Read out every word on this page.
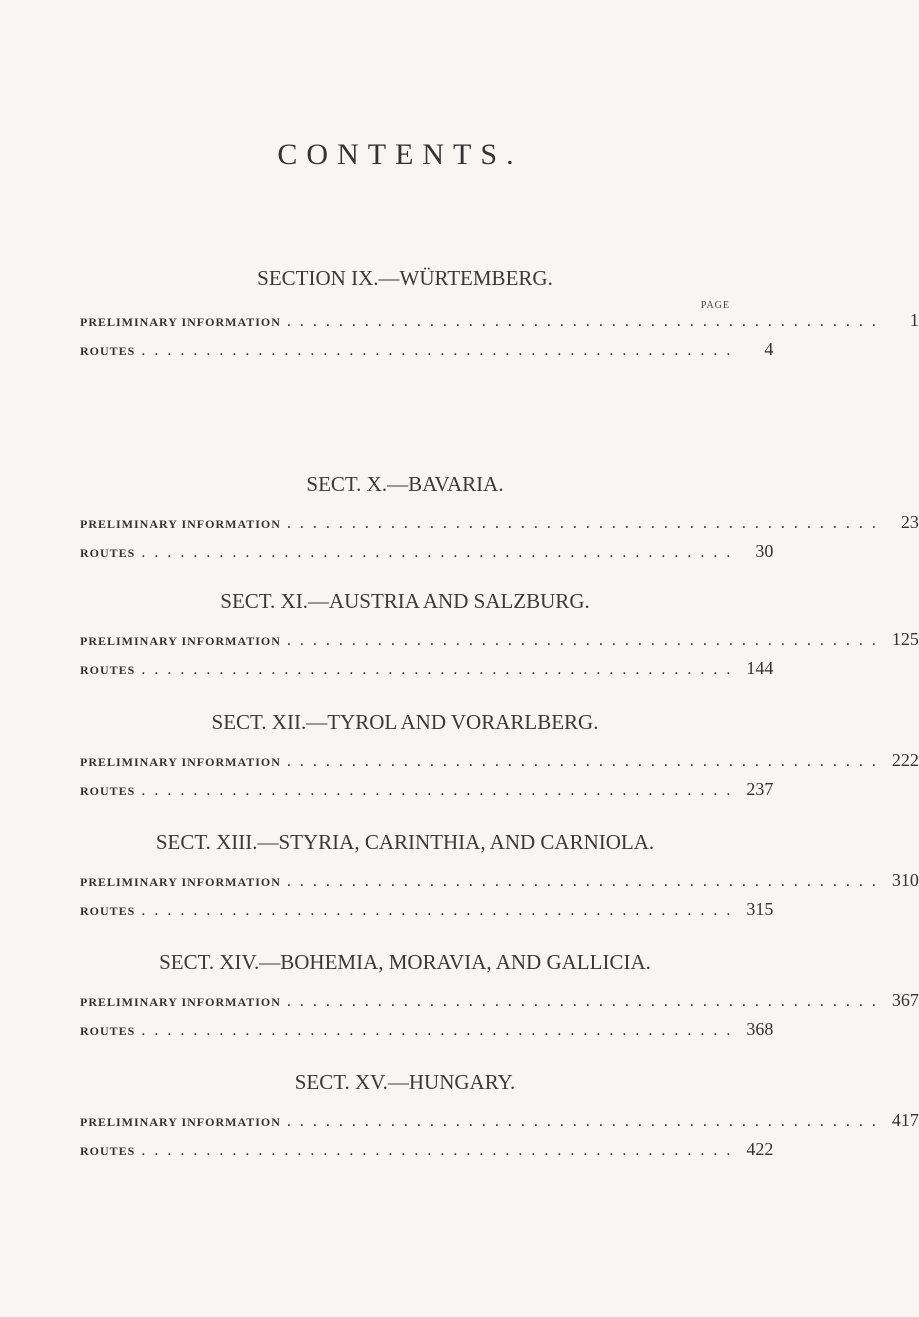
CONTENTS.
SECTION IX.—WÜRTEMBERG.
PAGE
PRELIMINARY INFORMATION ..............................................	1
ROUTES ..............................................	4
SECT. X.—BAVARIA.
PRELIMINARY INFORMATION .............................................. 23
ROUTES .............................................. 30
SECT. XI.—AUSTRIA AND SALZBURG.
PRELIMINARY INFORMATION .............................................. 125
ROUTES .............................................. 144
SECT. XII.—TYROL AND VORARLBERG.
PRELIMINARY INFORMATION .............................................. 222
ROUTES .............................................. 237
SECT. XIII.—STYRIA, CARINTHIA, AND CARNIOLA.
PRELIMINARY INFORMATION .............................................. 310
ROUTES .............................................. 315
SECT. XIV.—BOHEMIA, MORAVIA, AND GALLICIA.
PRELIMINARY INFORMATION .............................................. 367
ROUTES .............................................. 368
SECT. XV.—HUNGARY.
PRELIMINARY INFORMATION .............................................. 417
ROUTES .............................................. 422
